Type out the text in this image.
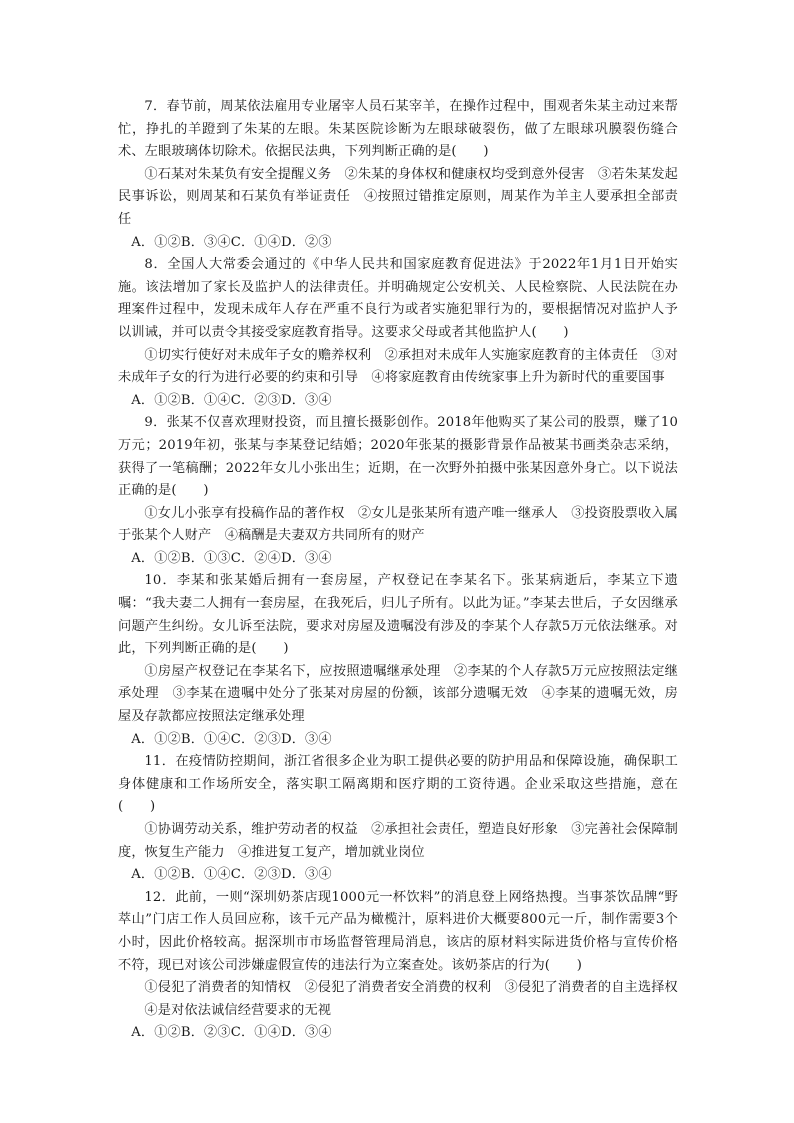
7．春节前，周某依法雇用专业屠宰人员石某宰羊，在操作过程中，围观者朱某主动过来帮忙，挣扎的羊蹬到了朱某的左眼。朱某医院诊断为左眼球破裂伤，做了左眼球巩膜裂伤缝合术、左眼玻璃体切除术。依据民法典，下列判断正确的是(　　)

①石某对朱某负有安全提醒义务　②朱某的身体权和健康权均受到意外侵害　③若朱某发起民事诉讼，则周某和石某负有举证责任　④按照过错推定原则，周某作为羊主人要承担全部责任

A．①②B．③④C．①④D．②③

8．全国人大常委会通过的《中华人民共和国家庭教育促进法》于2022年1月1日开始实施。该法增加了家长及监护人的法律责任。并明确规定公安机关、人民检察院、人民法院在办理案件过程中，发现未成年人存在严重不良行为或者实施犯罪行为的，要根据情况对监护人予以训诫，并可以责令其接受家庭教育指导。这要求父母或者其他监护人(　　)

①切实行使好对未成年子女的赡养权利　②承担对未成年人实施家庭教育的主体责任　③对未成年子女的行为进行必要的约束和引导　④将家庭教育由传统家事上升为新时代的重要国事

A．①②B．①④C．②③D．③④

9．张某不仅喜欢理财投资，而且擅长摄影创作。2018年他购买了某公司的股票，赚了10万元；2019年初，张某与李某登记结婚；2020年张某的摄影背景作品被某书画类杂志采纳，获得了一笔稿酬；2022年女儿小张出生；近期，在一次野外拍摄中张某因意外身亡。以下说法正确的是(　　)

①女儿小张享有投稿作品的著作权　②女儿是张某所有遗产唯一继承人　③投资股票收入属于张某个人财产　④稿酬是夫妻双方共同所有的财产

A．①②B．①③C．②④D．③④

10．李某和张某婚后拥有一套房屋，产权登记在李某名下。张某病逝后，李某立下遗嘱：“我夫妻二人拥有一套房屋，在我死后，归儿子所有。以此为证。”李某去世后，子女因继承问题产生纠纷。女儿诉至法院，要求对房屋及遗嘱没有涉及的李某个人存款5万元依法继承。对此，下列判断正确的是(　　)

①房屋产权登记在李某名下，应按照遗嘱继承处理　②李某的个人存款5万元应按照法定继承处理　③李某在遗嘱中处分了张某对房屋的份额，该部分遗嘱无效　④李某的遗嘱无效，房屋及存款都应按照法定继承处理

A．①②B．①④C．②③D．③④

11．在疫情防控期间，浙江省很多企业为职工提供必要的防护用品和保障设施，确保职工身体健康和工作场所安全，落实职工隔离期和医疗期的工资待遇。企业采取这些措施，意在(　　)

①协调劳动关系，维护劳动者的权益　②承担社会责任，塑造良好形象　③完善社会保障制度，恢复生产能力　④推进复工复产，增加就业岗位

A．①②B．①④C．②③D．③④

12．此前，一则“深圳奶茶店现1000元一杯饮料”的消息登上网络热搜。当事茶饮品牌“野萃山”门店工作人员回应称，该千元产品为橄榄汁，原料进价大概要800元一斤，制作需要3个小时，因此价格较高。据深圳市市场监督管理局消息，该店的原材料实际进货价格与宣传价格不符，现已对该公司涉嫌虚假宣传的违法行为立案查处。该奶茶店的行为(　　)

①侵犯了消费者的知情权　②侵犯了消费者安全消费的权利　③侵犯了消费者的自主选择权

④是对依法诚信经营要求的无视

A．①②B．②③C．①④D．③④
